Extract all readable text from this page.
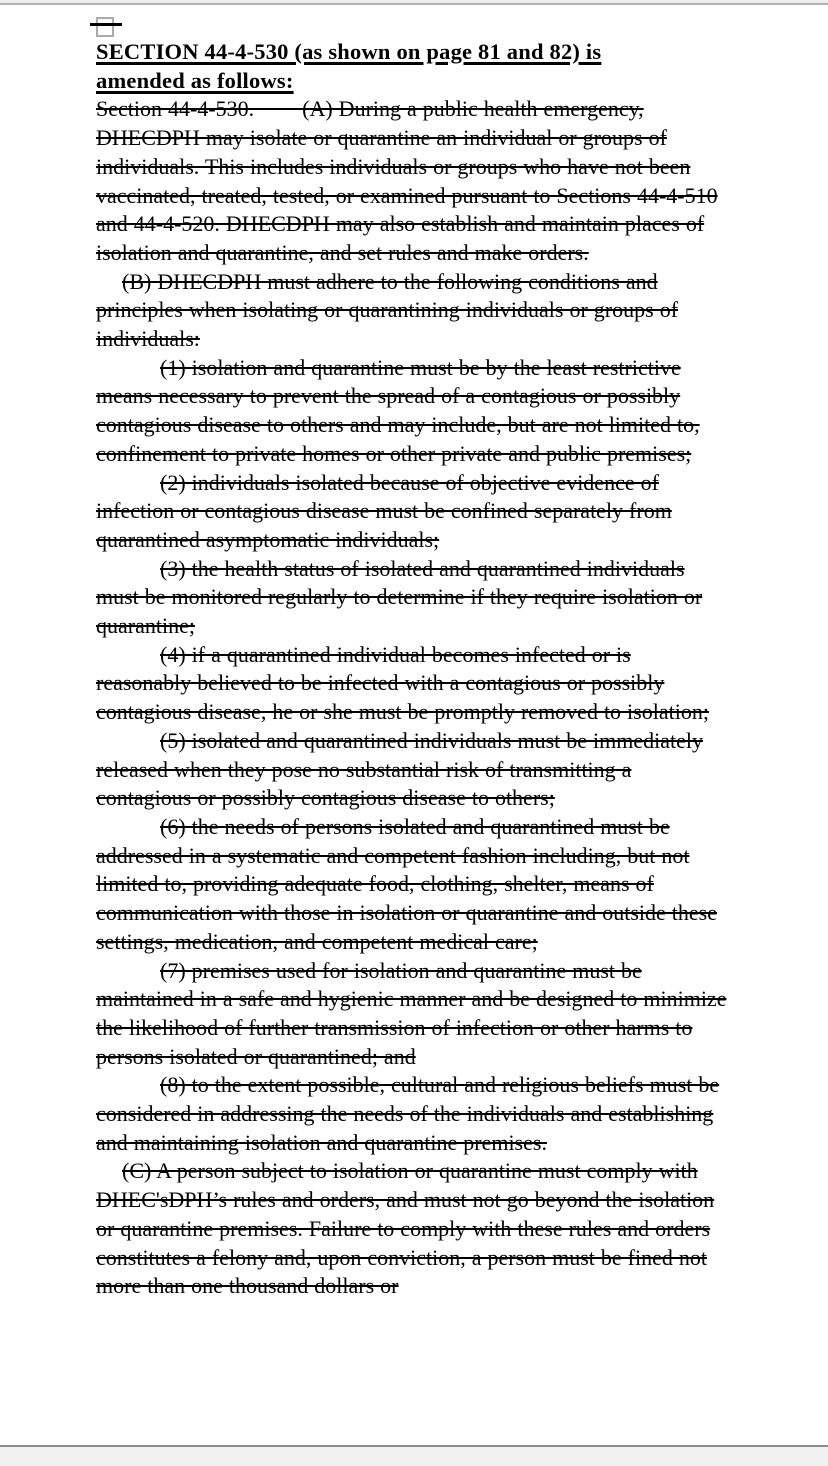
SECTION 44-4-530 (as shown on page 81 and 82) is
amended as follows:

Section 44-4-530.        (A) During a public health emergency, DHECDPH may isolate or quarantine an individual or groups of individuals. This includes individuals or groups who have not been vaccinated, treated, tested, or examined pursuant to Sections 44-4-510 and 44-4-520. DHECDPH may also establish and maintain places of isolation and quarantine, and set rules and make orders.

(B) DHECDPH must adhere to the following conditions and principles when isolating or quarantining individuals or groups of individuals:

(1) isolation and quarantine must be by the least restrictive means necessary to prevent the spread of a contagious or possibly contagious disease to others and may include, but are not limited to, confinement to private homes or other private and public premises;

(2) individuals isolated because of objective evidence of infection or contagious disease must be confined separately from quarantined asymptomatic individuals;

(3) the health status of isolated and quarantined individuals must be monitored regularly to determine if they require isolation or quarantine;

(4) if a quarantined individual becomes infected or is reasonably believed to be infected with a contagious or possibly contagious disease, he or she must be promptly removed to isolation;

(5) isolated and quarantined individuals must be immediately released when they pose no substantial risk of transmitting a contagious or possibly contagious disease to others;

(6) the needs of persons isolated and quarantined must be addressed in a systematic and competent fashion including, but not limited to, providing adequate food, clothing, shelter, means of communication with those in isolation or quarantine and outside these settings, medication, and competent medical care;

(7) premises used for isolation and quarantine must be maintained in a safe and hygienic manner and be designed to minimize the likelihood of further transmission of infection or other harms to persons isolated or quarantined; and

(8) to the extent possible, cultural and religious beliefs must be considered in addressing the needs of the individuals and establishing and maintaining isolation and quarantine premises.

(C) A person subject to isolation or quarantine must comply with DHEC'sDPH’s rules and orders, and must not go beyond the isolation or quarantine premises. Failure to comply with these rules and orders constitutes a felony and, upon conviction, a person must be fined not more than one thousand dollars or
